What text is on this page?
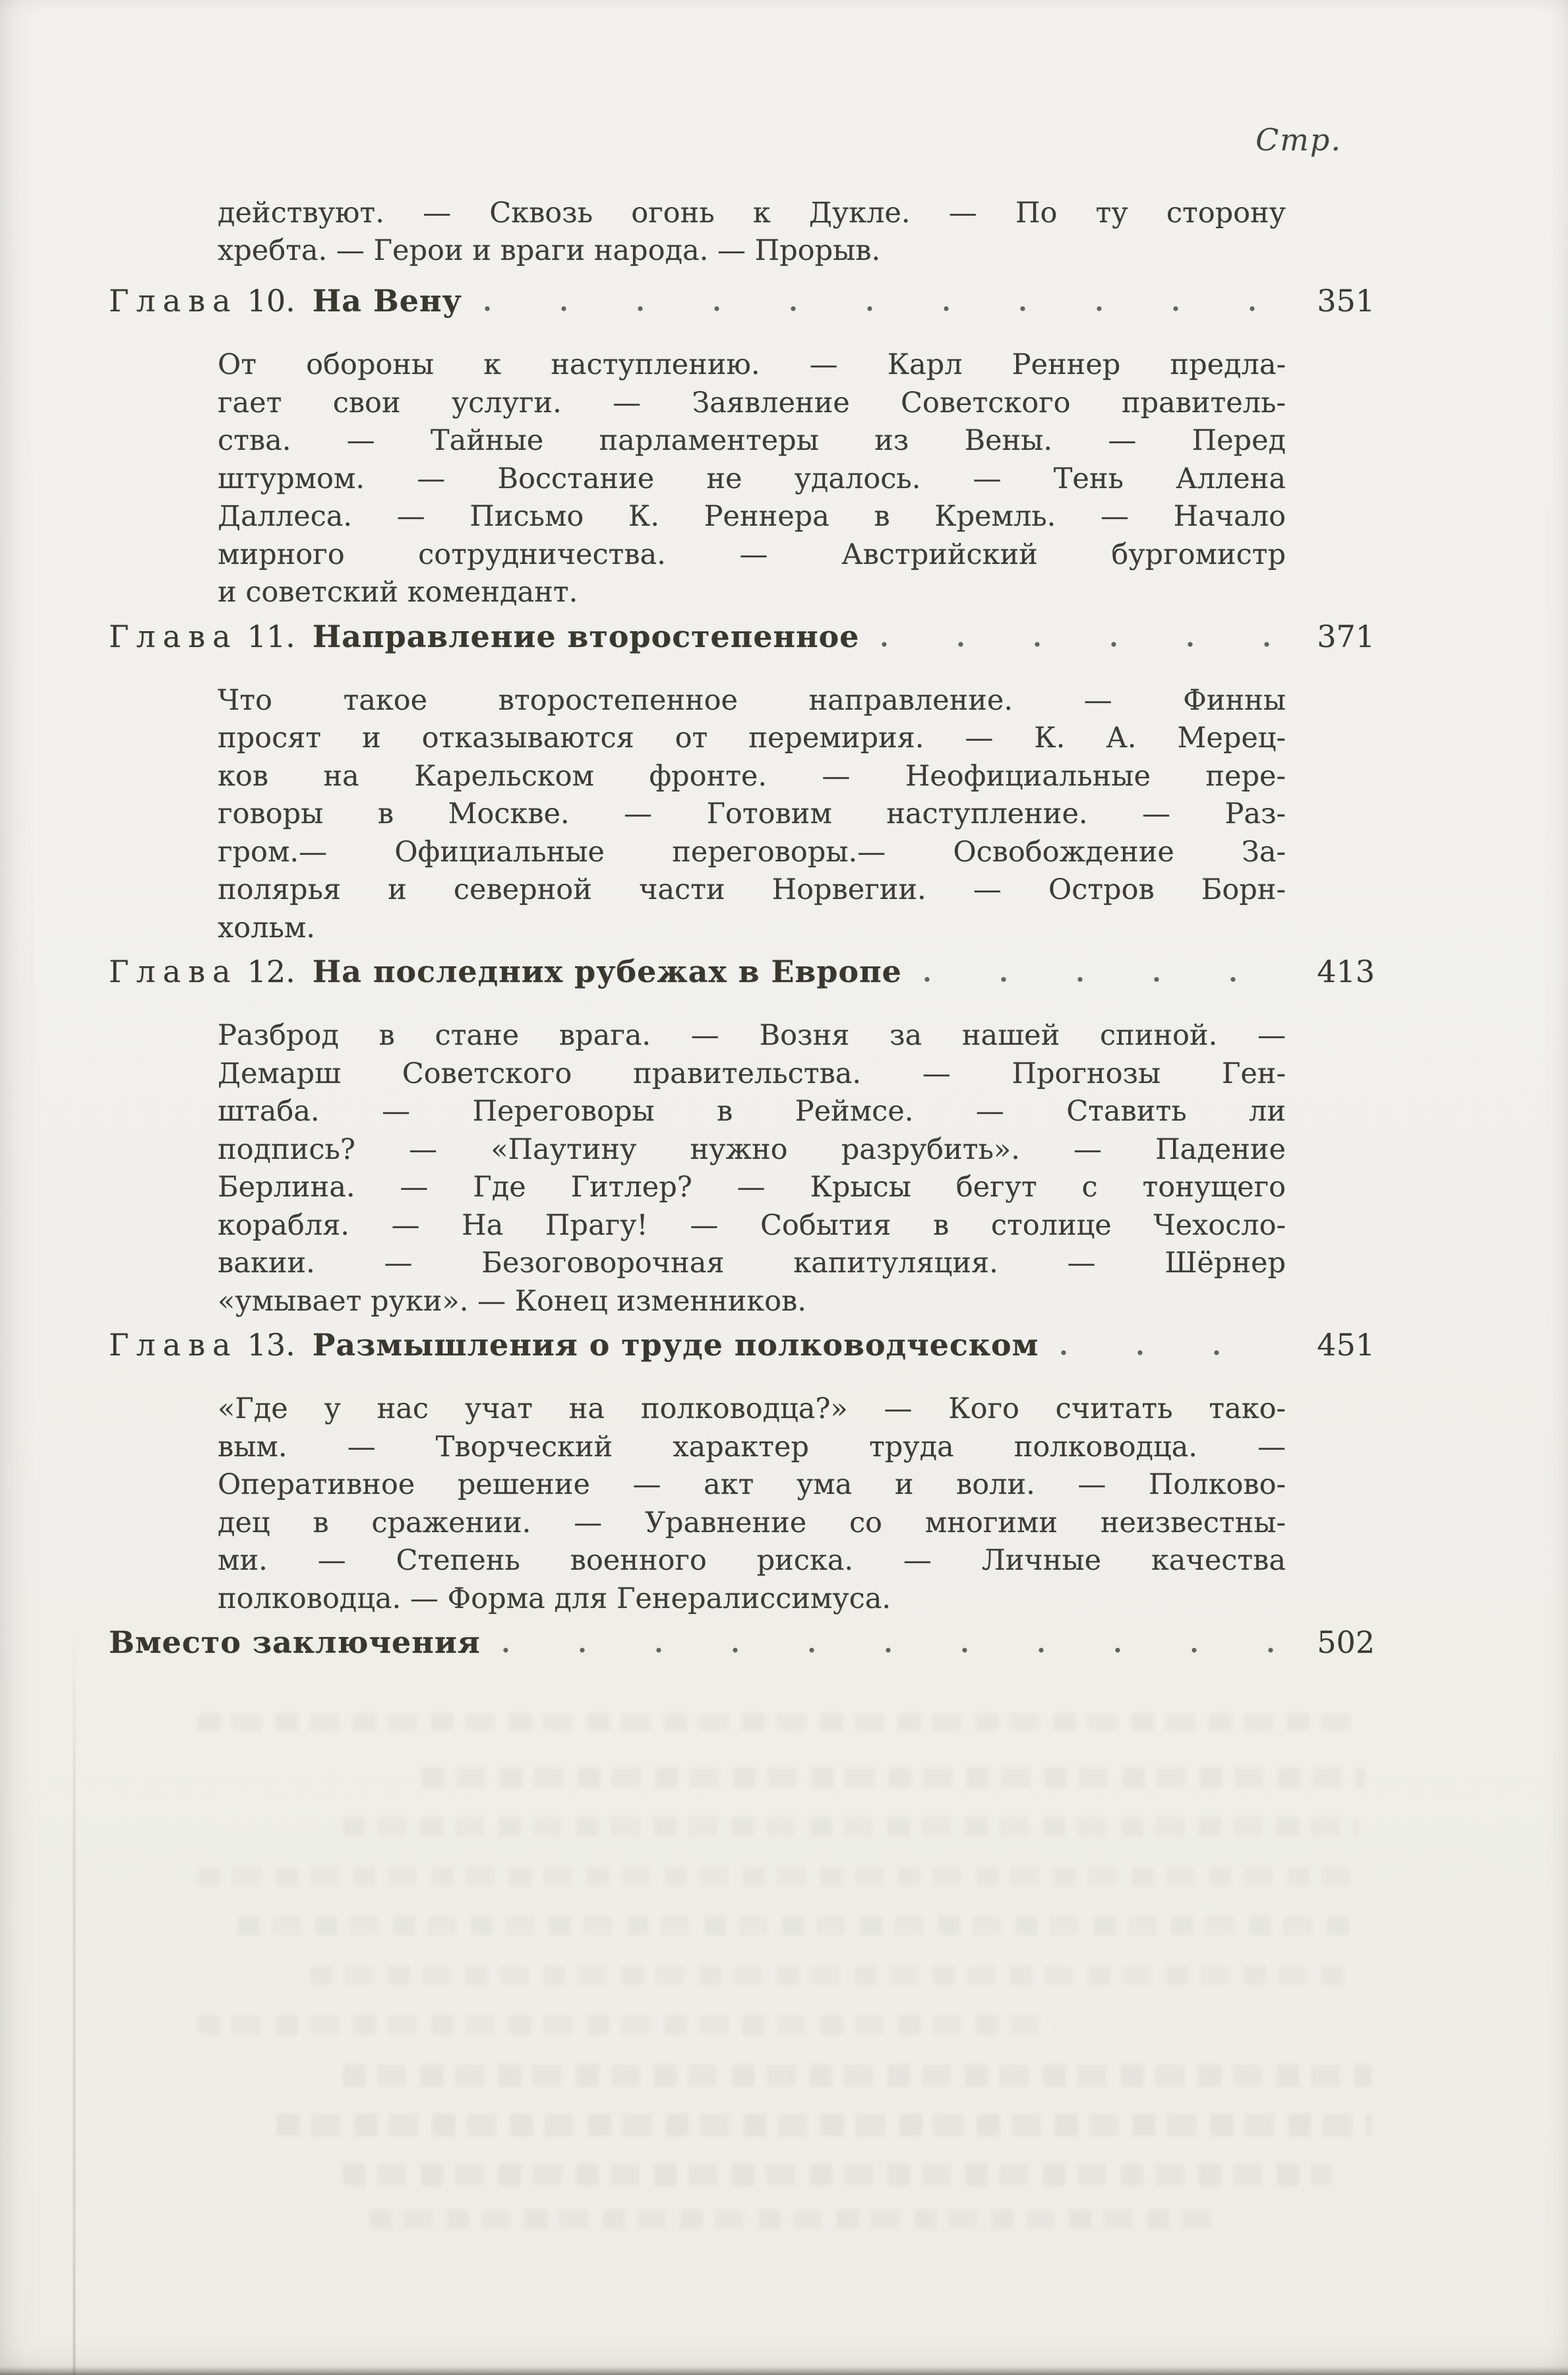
Стр.
действуют. — Сквозь огонь к Дукле. — По ту сторону
хребта. — Герои и враги народа. — Прорыв.
Глава 10. На Вену	351
От обороны к наступлению. — Карл Реннер предла-
гает свои услуги. — Заявление Советского правитель-
ства. — Тайные парламентеры из Вены. — Перед
штурмом. — Восстание не удалось. — Тень Аллена
Даллеса. — Письмо К. Реннера в Кремль. — Начало
мирного сотрудничества. — Австрийский бургомистр
и советский комендант.
Глава 11. Направление второстепенное	371
Что такое второстепенное направление. — Финны
просят и отказываются от перемирия. — К. А. Мерец-
ков на Карельском фронте. — Неофициальные пере-
говоры в Москве. — Готовим наступление. — Раз-
гром.— Официальные переговоры.— Освобождение За-
полярья и северной части Норвегии. — Остров Борн-
хольм.
Глава 12. На последних рубежах в Европе	413
Разброд в стане врага. — Возня за нашей спиной. —
Демарш Советского правительства. — Прогнозы Ген-
штаба. — Переговоры в Реймсе. — Ставить ли
подпись? — «Паутину нужно разрубить». — Падение
Берлина. — Где Гитлер? — Крысы бегут с тонущего
корабля. — На Прагу! — События в столице Чехосло-
вакии. — Безоговорочная капитуляция. — Шёрнер
«умывает руки». — Конец изменников.
Глава 13. Размышления о труде полководческом	451
«Где у нас учат на полководца?» — Кого считать тако-
вым. — Творческий характер труда полководца. —
Оперативное решение — акт ума и воли. — Полково-
дец в сражении. — Уравнение со многими неизвестны-
ми. — Степень военного риска. — Личные качества
полководца. — Форма для Генералиссимуса.
Вместо заключения	502
